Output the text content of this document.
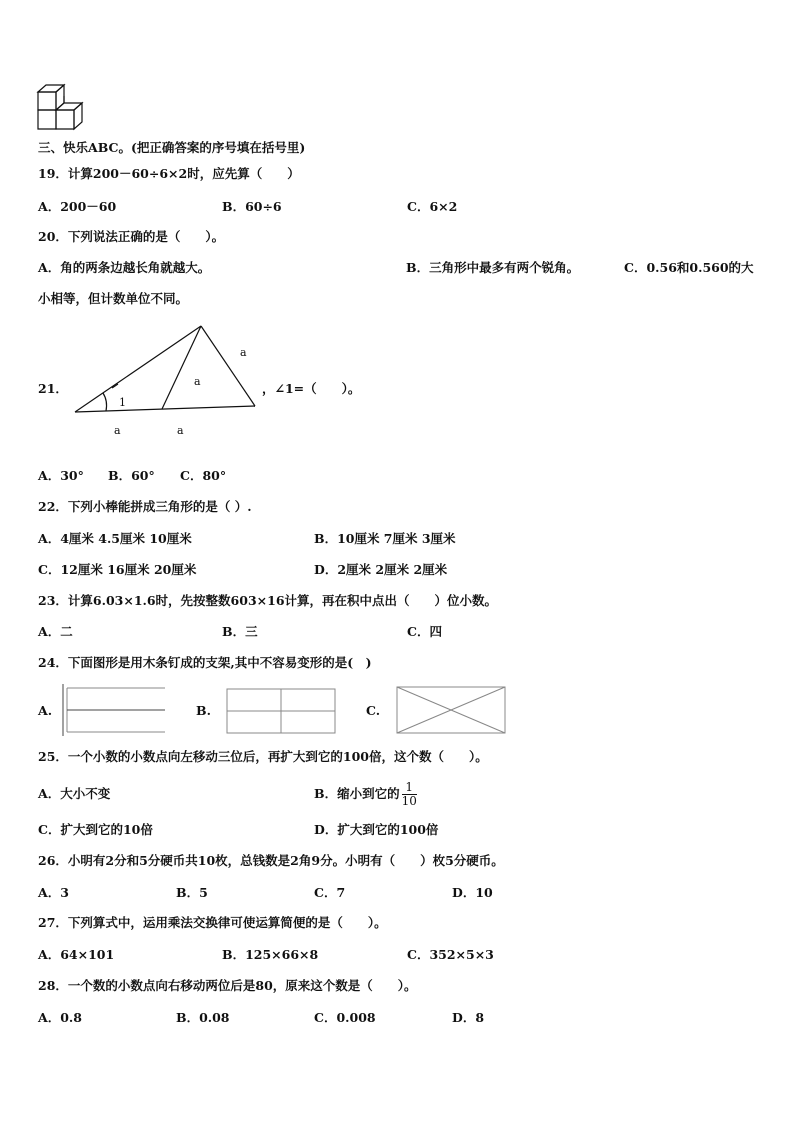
三、快乐ABC。(把正确答案的序号填在括号里)
19．计算200－60÷6×2时，应先算（　　）
A．200－60	B．60÷6	C．6×2
20．下列说法正确的是（　　）。
A．角的两条边越长角就越大。	B．三角形中最多有两个锐角。	C．0.56和0.560的大
小相等，但计数单位不同。
21．
1
a
a
a	a
，∠1=（　　）。
A．30° B．60° C．80°
22．下列小棒能拼成三角形的是（ ）.
A．4厘米 4.5厘米 10厘米	B．10厘米 7厘米 3厘米
C．12厘米 16厘米 20厘米	D．2厘米 2厘米 2厘米
23．计算6.03×1.6时，先按整数603×16计算，再在积中点出（　　）位小数。
A．二	B．三	C．四
24．下面图形是用木条钉成的支架,其中不容易变形的是(　)
A.	B.	C.
25．一个小数的小数点向左移动三位后，再扩大到它的100倍，这个数（　　）。
A．大小不变	B．缩小到它的 $\frac{1}{10}$
C．扩大到它的10倍	D．扩大到它的100倍
26．小明有2分和5分硬币共10枚，总钱数是2角9分。小明有（　　）枚5分硬币。
A．3	B．5	C．7	D．10
27．下列算式中，运用乘法交换律可使运算简便的是（　　）。
A．64×101	B．125×66×8	C．352×5×3
28．一个数的小数点向右移动两位后是80，原来这个数是（　　）。
A．0.8	B．0.08	C．0.008	D．8
